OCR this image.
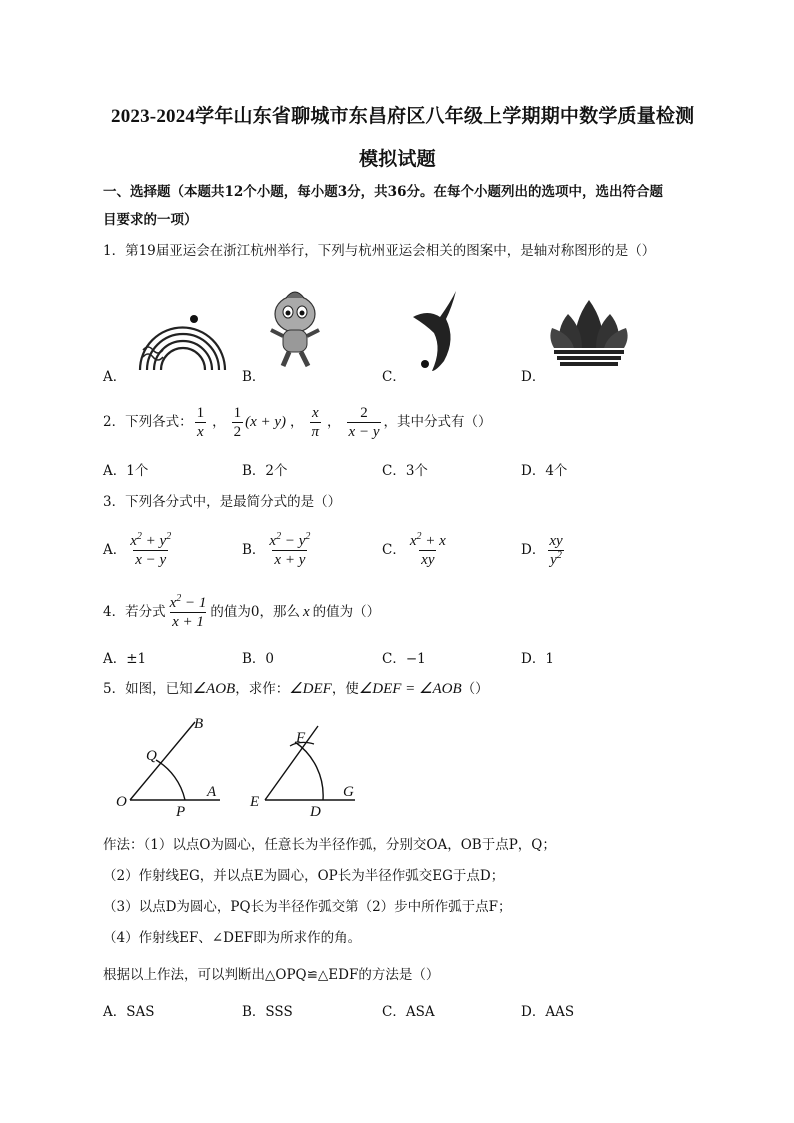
2023-2024学年山东省聊城市东昌府区八年级上学期期中数学质量检测
模拟试题
一、选择题（本题共12个小题，每小题3分，共36分。在每个小题列出的选项中，选出符合题
目要求的一项）
1．第19届亚运会在浙江杭州举行，下列与杭州亚运会相关的图案中，是轴对称图形的是（）
A．	B．	C．	D．
2．下列各式： $\frac{1}{x}$ ， $\frac{1}{2} (x + y)$ ， $\frac{x}{\pi}$ ， $\frac{2}{x - y}$ ，其中分式有（）
A．1个	B．2个	C．3个	D．4个
3．下列各分式中，是最简分式的是（）
A． $\frac{x^2 + y^2}{x - y}$	B． $\frac{x^2 - y^2}{x + y}$	C． $\frac{x^2 + x}{xy}$	D． $\frac{xy}{y^2}$
4．若分式 $\frac{x^2 - 1}{x + 1}$ 的值为0，那么 x 的值为（）
A．±1	B．0	C．−1	D．1
5．如图，已知 ∠AOB ，求作： ∠DEF ，使 ∠DEF = ∠AOB （）
O
P
A
Q
B
E
D
G
F
作法：（1）以点O为圆心，任意长为半径作弧，分别交OA，OB于点P，Q；
（2）作射线EG，并以点E为圆心，OP长为半径作弧交EG于点D；
（3）以点D为圆心，PQ长为半径作弧交第（2）步中所作弧于点F；
（4）作射线EF、∠DEF即为所求作的角。
根据以上作法，可以判断出△OPQ≌△EDF的方法是（）
A．SAS	B．SSS	C．ASA	D．AAS
